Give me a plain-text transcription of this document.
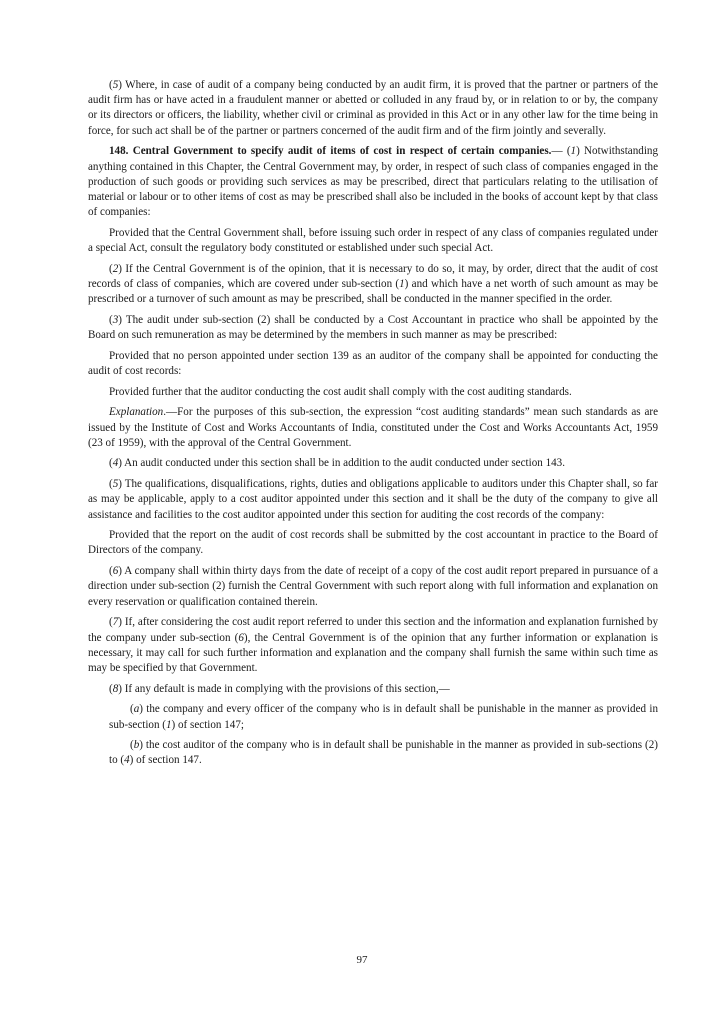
(5) Where, in case of audit of a company being conducted by an audit firm, it is proved that the partner or partners of the audit firm has or have acted in a fraudulent manner or abetted or colluded in any fraud by, or in relation to or by, the company or its directors or officers, the liability, whether civil or criminal as provided in this Act or in any other law for the time being in force, for such act shall be of the partner or partners concerned of the audit firm and of the firm jointly and severally.

148. Central Government to specify audit of items of cost in respect of certain companies.— (1) Notwithstanding anything contained in this Chapter, the Central Government may, by order, in respect of such class of companies engaged in the production of such goods or providing such services as may be prescribed, direct that particulars relating to the utilisation of material or labour or to other items of cost as may be prescribed shall also be included in the books of account kept by that class of companies:

Provided that the Central Government shall, before issuing such order in respect of any class of companies regulated under a special Act, consult the regulatory body constituted or established under such special Act.

(2) If the Central Government is of the opinion, that it is necessary to do so, it may, by order, direct that the audit of cost records of class of companies, which are covered under sub-section (1) and which have a net worth of such amount as may be prescribed or a turnover of such amount as may be prescribed, shall be conducted in the manner specified in the order.

(3) The audit under sub-section (2) shall be conducted by a Cost Accountant in practice who shall be appointed by the Board on such remuneration as may be determined by the members in such manner as may be prescribed:

Provided that no person appointed under section 139 as an auditor of the company shall be appointed for conducting the audit of cost records:

Provided further that the auditor conducting the cost audit shall comply with the cost auditing standards.

Explanation.—For the purposes of this sub-section, the expression “cost auditing standards” mean such standards as are issued by the Institute of Cost and Works Accountants of India, constituted under the Cost and Works Accountants Act, 1959 (23 of 1959), with the approval of the Central Government.

(4) An audit conducted under this section shall be in addition to the audit conducted under section 143.

(5) The qualifications, disqualifications, rights, duties and obligations applicable to auditors under this Chapter shall, so far as may be applicable, apply to a cost auditor appointed under this section and it shall be the duty of the company to give all assistance and facilities to the cost auditor appointed under this section for auditing the cost records of the company:

Provided that the report on the audit of cost records shall be submitted by the cost accountant in practice to the Board of Directors of the company.

(6) A company shall within thirty days from the date of receipt of a copy of the cost audit report prepared in pursuance of a direction under sub-section (2) furnish the Central Government with such report along with full information and explanation on every reservation or qualification contained therein.

(7) If, after considering the cost audit report referred to under this section and the information and explanation furnished by the company under sub-section (6), the Central Government is of the opinion that any further information or explanation is necessary, it may call for such further information and explanation and the company shall furnish the same within such time as may be specified by that Government.

(8) If any default is made in complying with the provisions of this section,—

(a) the company and every officer of the company who is in default shall be punishable in the manner as provided in sub-section (1) of section 147;

(b) the cost auditor of the company who is in default shall be punishable in the manner as provided in sub-sections (2) to (4) of section 147.

97
